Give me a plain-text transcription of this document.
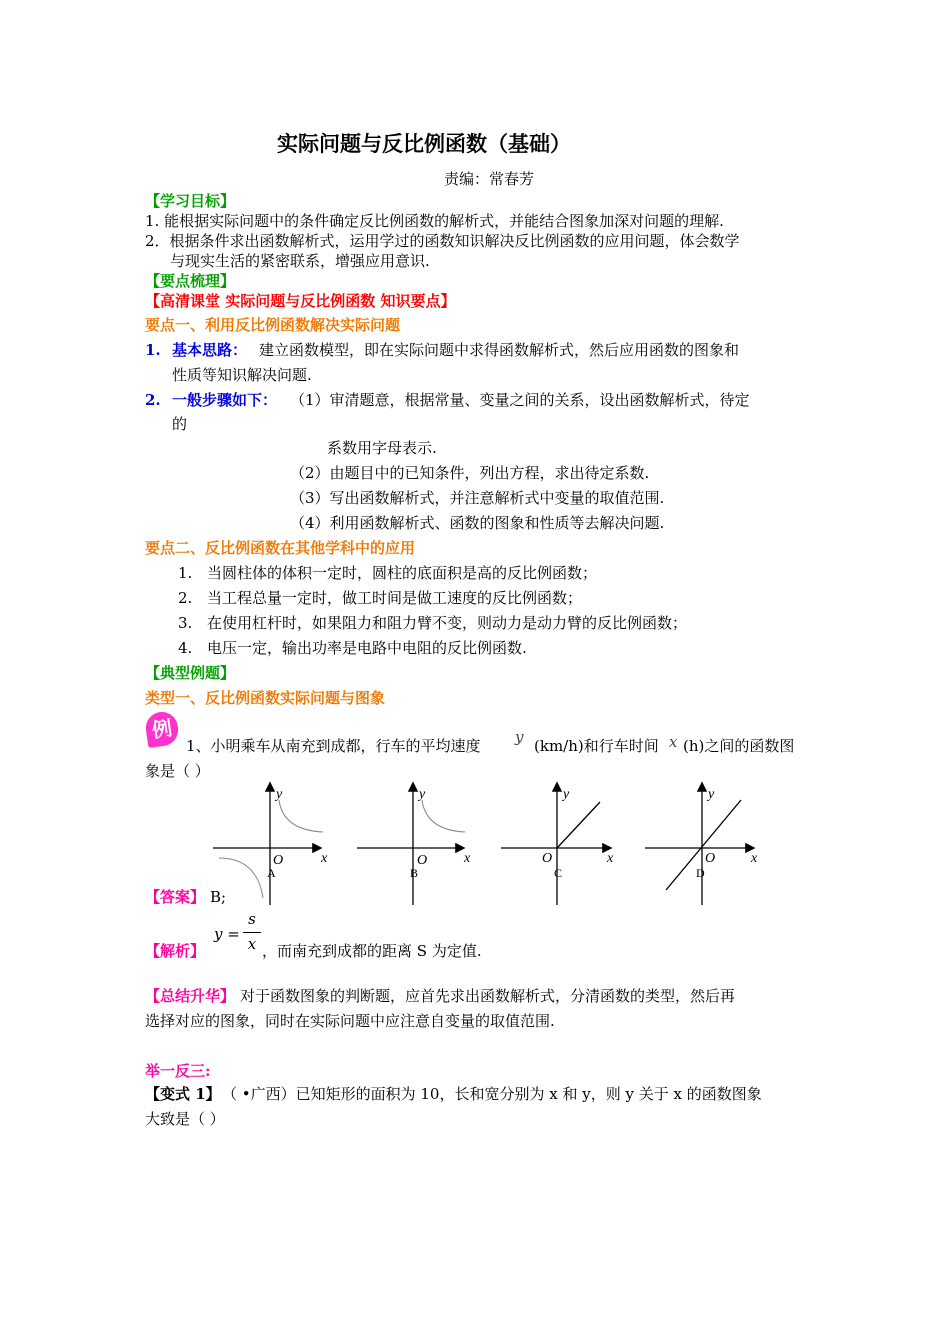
实际问题与反比例函数（基础）
责编：常春芳
【学习目标】
1. 能根据实际问题中的条件确定反比例函数的解析式，并能结合图象加深对问题的理解.
2．根据条件求出函数解析式，运用学过的函数知识解决反比例函数的应用问题，体会数学
与现实生活的紧密联系，增强应用意识.
【要点梳理】
【高清课堂 实际问题与反比例函数 知识要点】
要点一、利用反比例函数解决实际问题
1. 基本思路： 建立函数模型，即在实际问题中求得函数解析式，然后应用函数的图象和
性质等知识解决问题.
2. 一般步骤如下： （1）审清题意，根据常量、变量之间的关系，设出函数解析式，待定
的
系数用字母表示.
（2）由题目中的已知条件，列出方程，求出待定系数.
（3）写出函数解析式，并注意解析式中变量的取值范围.
（4）利用函数解析式、函数的图象和性质等去解决问题.
要点二、反比例函数在其他学科中的应用
1. 当圆柱体的体积一定时，圆柱的底面积是高的反比例函数；
2. 当工程总量一定时，做工时间是做工速度的反比例函数；
3. 在使用杠杆时，如果阻力和阻力臂不变，则动力是动力臂的反比例函数；
4. 电压一定，输出功率是电路中电阻的反比例函数.
【典型例题】
类型一、反比例函数实际问题与图象
例
1、小明乘车从南充到成都，行车的平均速度 y (km/h)和行车时间 x (h)之间的函数图
象是（ ）
y
x
O
A
y
x
O
B
y
x
O
C
y
x
O
D
【答案】 B;
【解析】
y =
s
x ，而南充到成都的距离 S 为定值.
【总结升华】 对于函数图象的判断题，应首先求出函数解析式，分清函数的类型，然后再
选择对应的图象，同时在实际问题中应注意自变量的取值范围.
举一反三:
【变式 1】 （ •广西）已知矩形的面积为 10，长和宽分别为 x 和 y，则 y 关于 x 的函数图象
大致是（ ）
